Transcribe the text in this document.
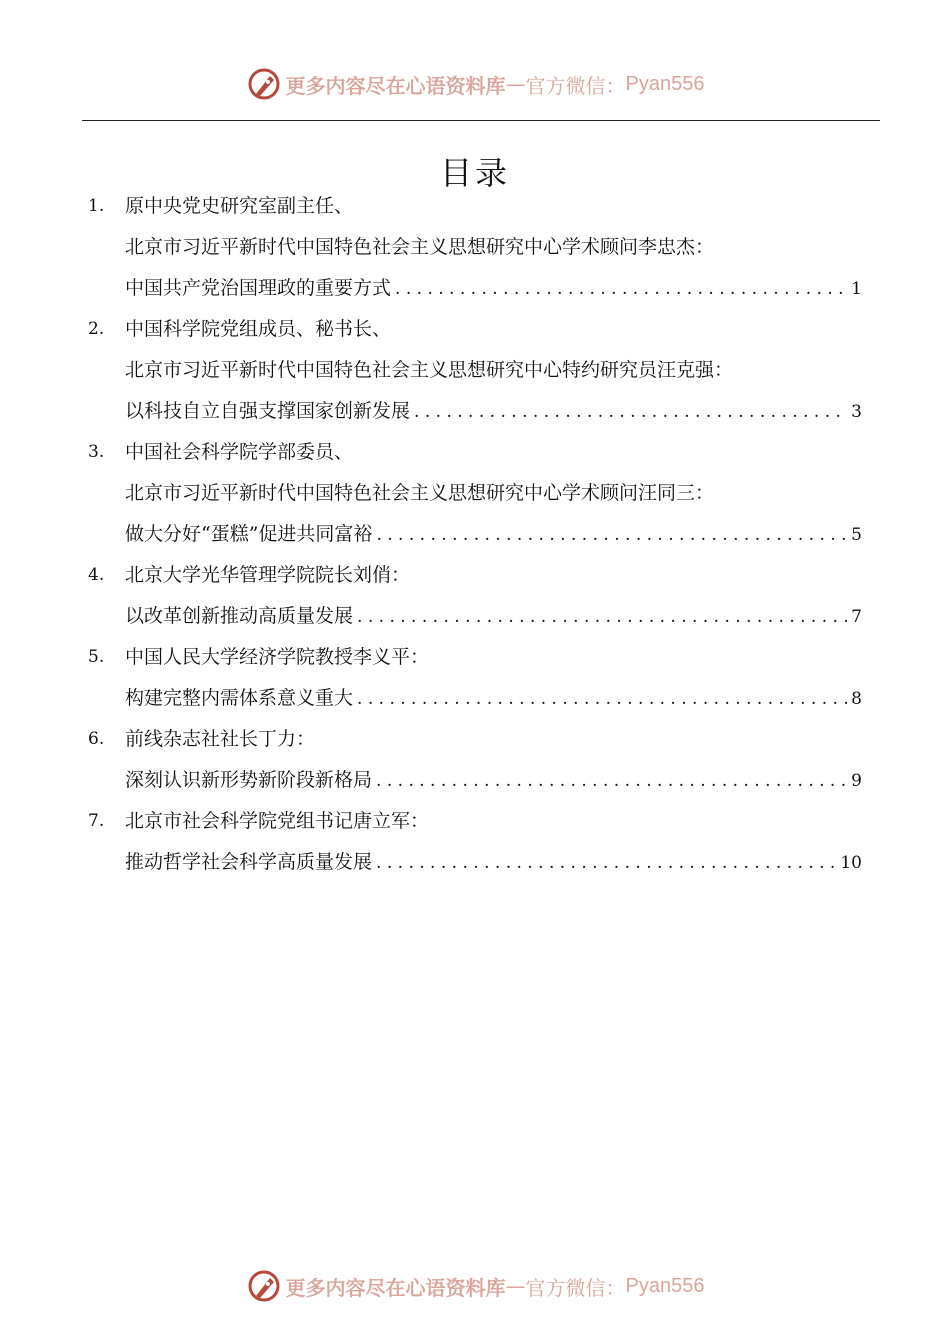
更多内容尽在心语资料库 — 官方微信： Pyan556
目录
1.	原中央党史研究室副主任、
北京市习近平新时代中国特色社会主义思想研究中心学术顾问李忠杰：
中国共产党治国理政的重要方式 . . .	1
2.	中国科学院党组成员、秘书长、
北京市习近平新时代中国特色社会主义思想研究中心特约研究员汪克强：
以科技自立自强支撑国家创新发展 . . .	3
3.	中国社会科学院学部委员、
北京市习近平新时代中国特色社会主义思想研究中心学术顾问汪同三：
做大分好“蛋糕”促进共同富裕 . . .	5
4.	北京大学光华管理学院院长刘俏：
以改革创新推动高质量发展 . . .	7
5.	中国人民大学经济学院教授李义平：
构建完整内需体系意义重大 . . .	8
6.	前线杂志社社长丁力：
深刻认识新形势新阶段新格局 . . .	9
7.	北京市社会科学院党组书记唐立军：
推动哲学社会科学高质量发展 . . .	10
更多内容尽在心语资料库 — 官方微信： Pyan556
